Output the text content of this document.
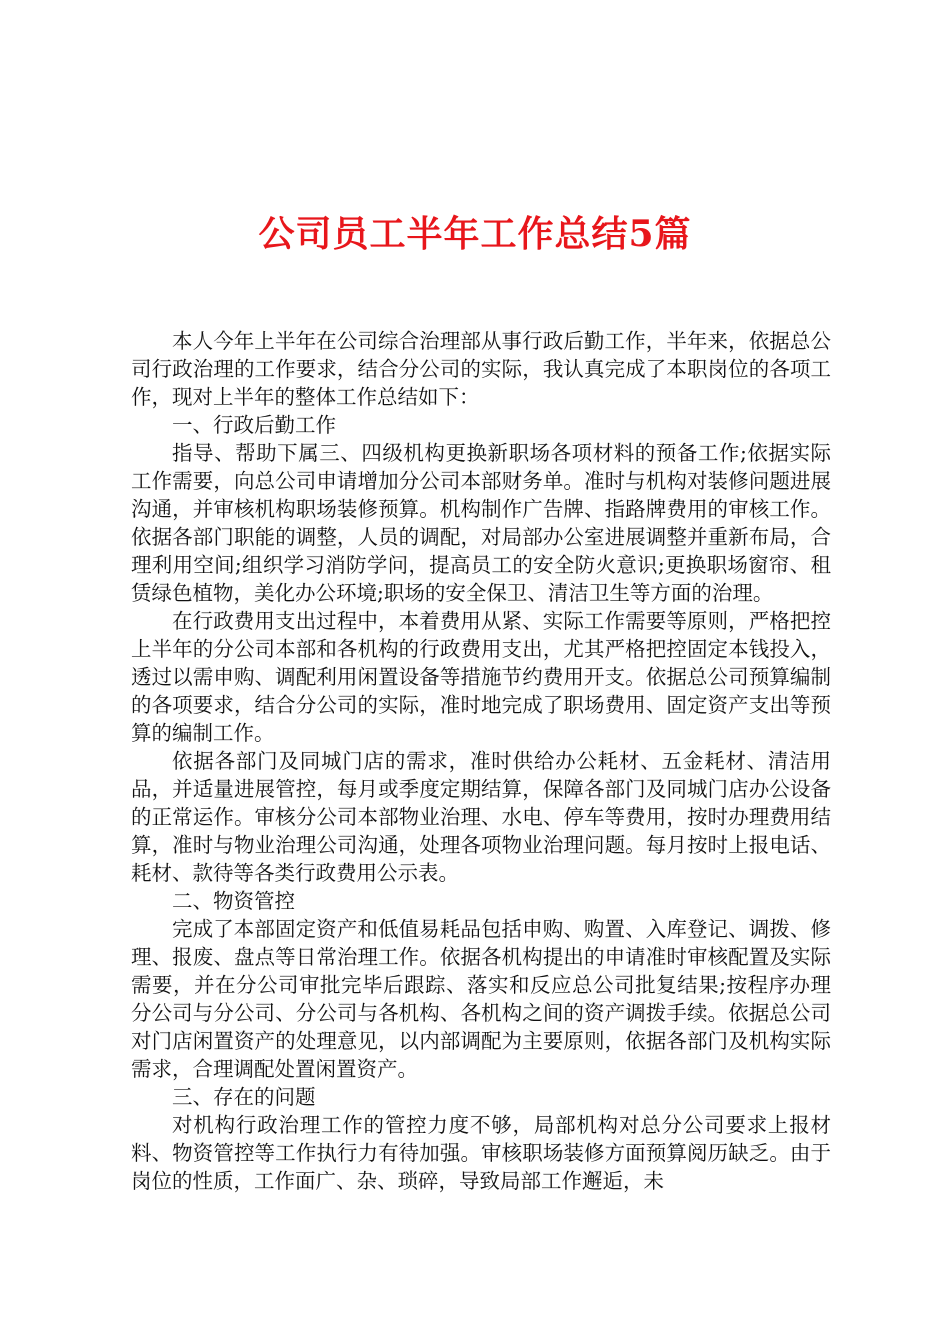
公司员工半年工作总结5篇

本人今年上半年在公司综合治理部从事行政后勤工作，半年来，依据总公司行政治理的工作要求，结合分公司的实际，我认真完成了本职岗位的各项工作，现对上半年的整体工作总结如下：

一、行政后勤工作

指导、帮助下属三、四级机构更换新职场各项材料的预备工作;依据实际工作需要，向总公司申请增加分公司本部财务单。准时与机构对装修问题进展沟通，并审核机构职场装修预算。机构制作广告牌、指路牌费用的审核工作。依据各部门职能的调整，人员的调配，对局部办公室进展调整并重新布局，合理利用空间;组织学习消防学问，提高员工的安全防火意识;更换职场窗帘、租赁绿色植物，美化办公环境;职场的安全保卫、清洁卫生等方面的治理。

在行政费用支出过程中，本着费用从紧、实际工作需要等原则，严格把控上半年的分公司本部和各机构的行政费用支出，尤其严格把控固定本钱投入，透过以需申购、调配利用闲置设备等措施节约费用开支。依据总公司预算编制的各项要求，结合分公司的实际，准时地完成了职场费用、固定资产支出等预算的编制工作。

依据各部门及同城门店的需求，准时供给办公耗材、五金耗材、清洁用品，并适量进展管控，每月或季度定期结算，保障各部门及同城门店办公设备的正常运作。审核分公司本部物业治理、水电、停车等费用，按时办理费用结算，准时与物业治理公司沟通，处理各项物业治理问题。每月按时上报电话、耗材、款待等各类行政费用公示表。

二、物资管控

完成了本部固定资产和低值易耗品包括申购、购置、入库登记、调拨、修理、报废、盘点等日常治理工作。依据各机构提出的申请准时审核配置及实际需要，并在分公司审批完毕后跟踪、落实和反应总公司批复结果;按程序办理分公司与分公司、分公司与各机构、各机构之间的资产调拨手续。依据总公司对门店闲置资产的处理意见，以内部调配为主要原则，依据各部门及机构实际需求，合理调配处置闲置资产。

三、存在的问题

对机构行政治理工作的管控力度不够，局部机构对总分公司要求上报材料、物资管控等工作执行力有待加强。审核职场装修方面预算阅历缺乏。由于岗位的性质，工作面广、杂、琐碎，导致局部工作邂逅，未
